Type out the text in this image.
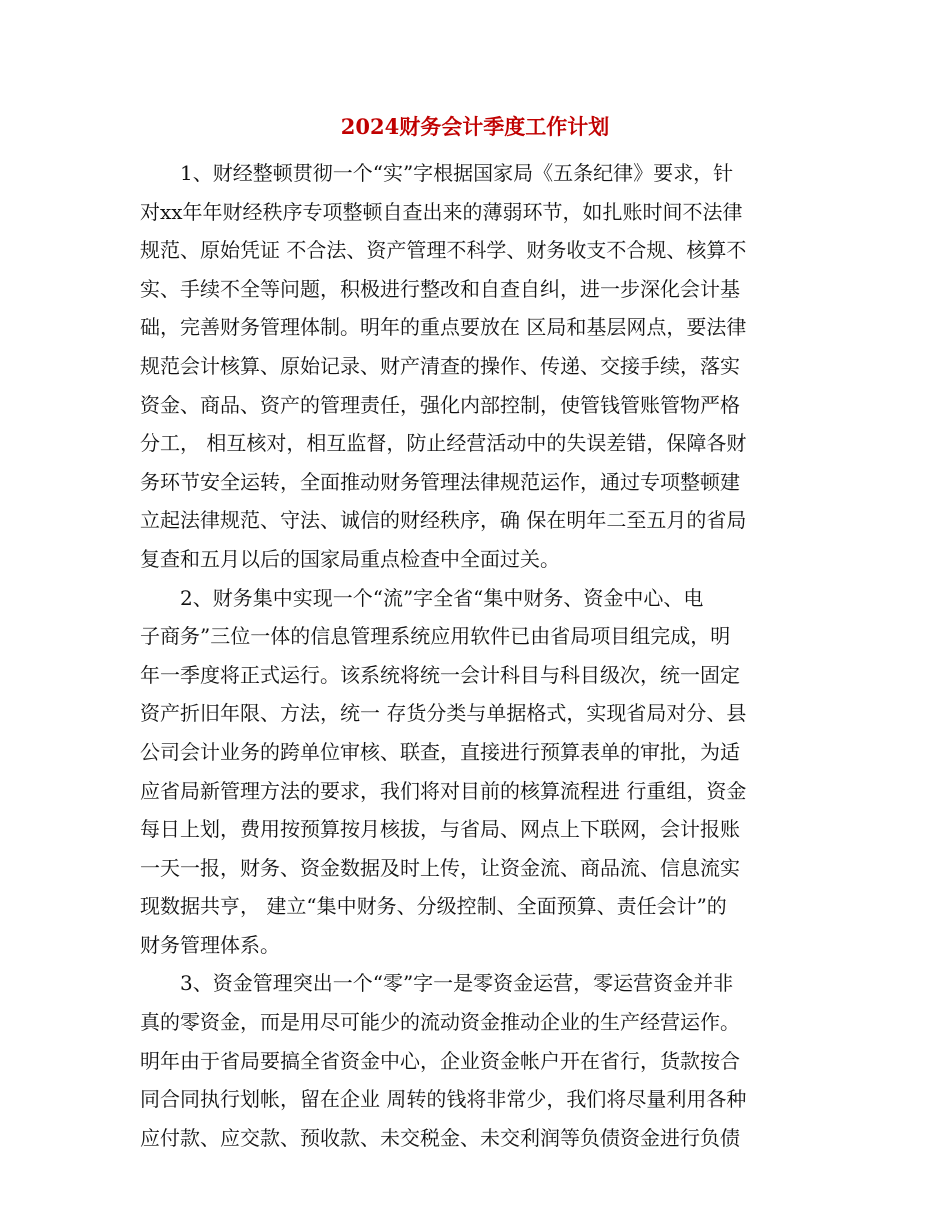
2024财务会计季度工作计划
1、财经整顿贯彻一个“实”字根据国家局《五条纪律》要求，针
对xx年年财经秩序专项整顿自查出来的薄弱环节，如扎账时间不法律
规范、原始凭证 不合法、资产管理不科学、财务收支不合规、核算不
实、手续不全等问题，积极进行整改和自查自纠，进一步深化会计基
础，完善财务管理体制。明年的重点要放在 区局和基层网点，要法律
规范会计核算、原始记录、财产清查的操作、传递、交接手续，落实
资金、商品、资产的管理责任，强化内部控制，使管钱管账管物严格
分工， 相互核对，相互监督，防止经营活动中的失误差错，保障各财
务环节安全运转，全面推动财务管理法律规范运作，通过专项整顿建
立起法律规范、守法、诚信的财经秩序，确 保在明年二至五月的省局
复查和五月以后的国家局重点检查中全面过关。
2、财务集中实现一个“流”字全省“集中财务、资金中心、电
子商务”三位一体的信息管理系统应用软件已由省局项目组完成，明
年一季度将正式运行。该系统将统一会计科目与科目级次，统一固定
资产折旧年限、方法，统一 存货分类与单据格式，实现省局对分、县
公司会计业务的跨单位审核、联查，直接进行预算表单的审批，为适
应省局新管理方法的要求，我们将对目前的核算流程进 行重组，资金
每日上划，费用按预算按月核拔，与省局、网点上下联网，会计报账
一天一报，财务、资金数据及时上传，让资金流、商品流、信息流实
现数据共亨， 建立“集中财务、分级控制、全面预算、责任会计”的
财务管理体系。
3、资金管理突出一个“零”字一是零资金运营，零运营资金并非
真的零资金，而是用尽可能少的流动资金推动企业的生产经营运作。
明年由于省局要搞全省资金中心，企业资金帐户开在省行，货款按合
同合同执行划帐，留在企业 周转的钱将非常少，我们将尽量利用各种
应付款、应交款、预收款、未交税金、未交利润等负债资金进行负债
